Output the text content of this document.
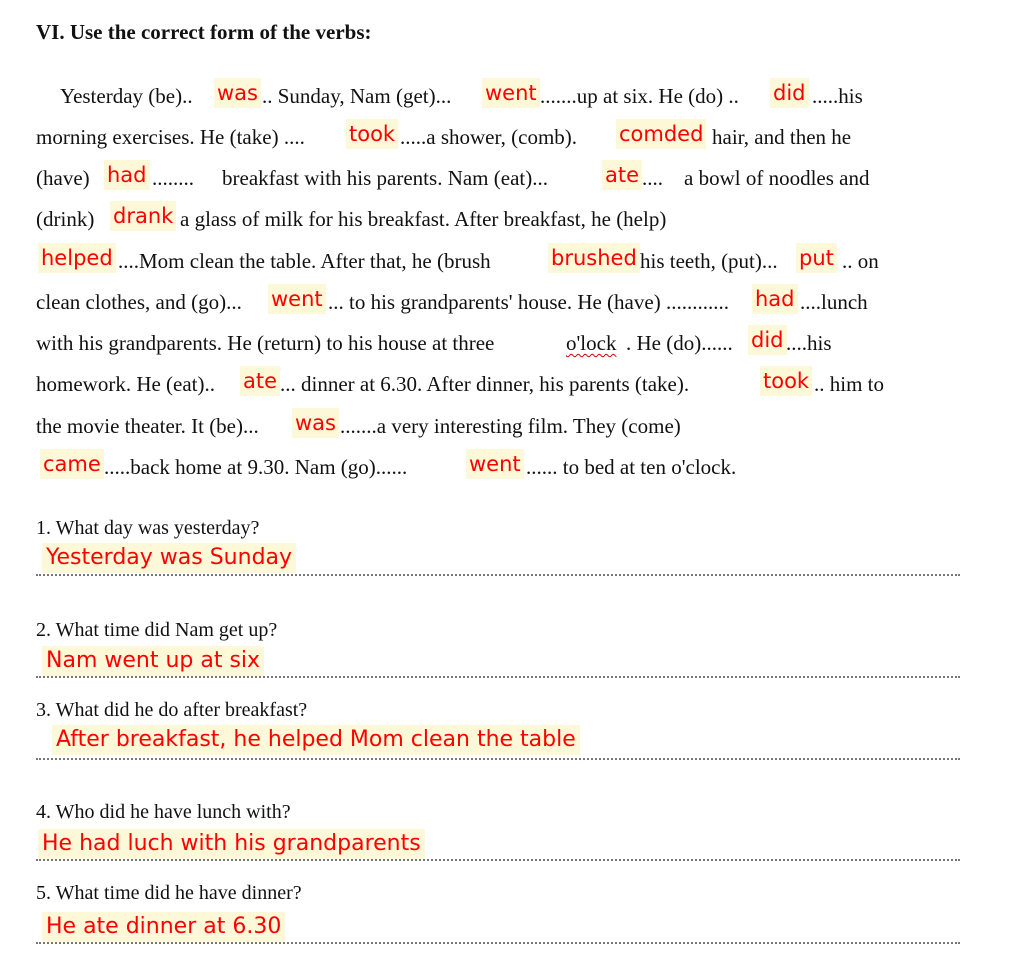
VI. Use the correct form of the verbs:
Yesterday (be).. was .. Sunday, Nam (get)... went .......up at six. He (do) .. did .....his
morning exercises. He (take) .... took .....a shower, (comb). comded hair, and then he
(have) had ........ breakfast with his parents. Nam (eat)...	ate .... a bowl of noodles and
(drink) drank a glass of milk for his breakfast. After breakfast, he (help)
helped ....Mom clean the table. After that, he (brush	brushed his teeth, (put)... put .. on
clean clothes, and (go)... went ... to his grandparents' house. He (have) ............ had ....lunch
with his grandparents. He (return) to his house at three	o'lock . He (do)...... did ....his
homework. He (eat).. ate ... dinner at 6.30. After dinner, his parents (take).	took .. him to
the movie theater. It (be)... was .......a very interesting film. They (come)
came .....back home at 9.30. Nam (go)......	went ...... to bed at ten o'clock.
1. What day was yesterday?
Yesterday was Sunday
2. What time did Nam get up?
Nam went up at six
3. What did he do after breakfast?
After breakfast, he helped Mom clean the table
4. Who did he have lunch with?
He had luch with his grandparents
5. What time did he have dinner?
He ate dinner at 6.30
